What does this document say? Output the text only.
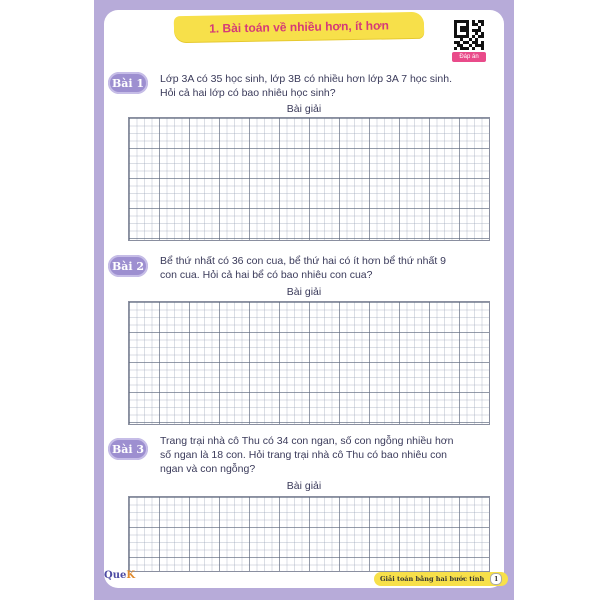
1. Bài toán về nhiều hơn, ít hơn
Đáp án
Bài 1	Lớp 3A có 35 học sinh, lớp 3B có nhiều hơn lớp 3A 7 học sinh.
Hỏi cả hai lớp có bao nhiêu học sinh?
Bài giải
Bài 2	Bể thứ nhất có 36 con cua, bể thứ hai có ít hơn bể thứ nhất 9
con cua. Hỏi cả hai bể có bao nhiêu con cua?
Bài giải
Bài 3
Trang trại nhà cô Thu có 34 con ngan, số con ngỗng nhiều hơn
số ngan là 18 con. Hỏi trang trại nhà cô Thu có bao nhiêu con
ngan và con ngỗng?
Bài giải
QueK	Giải toán bằng hai bước tính	1
